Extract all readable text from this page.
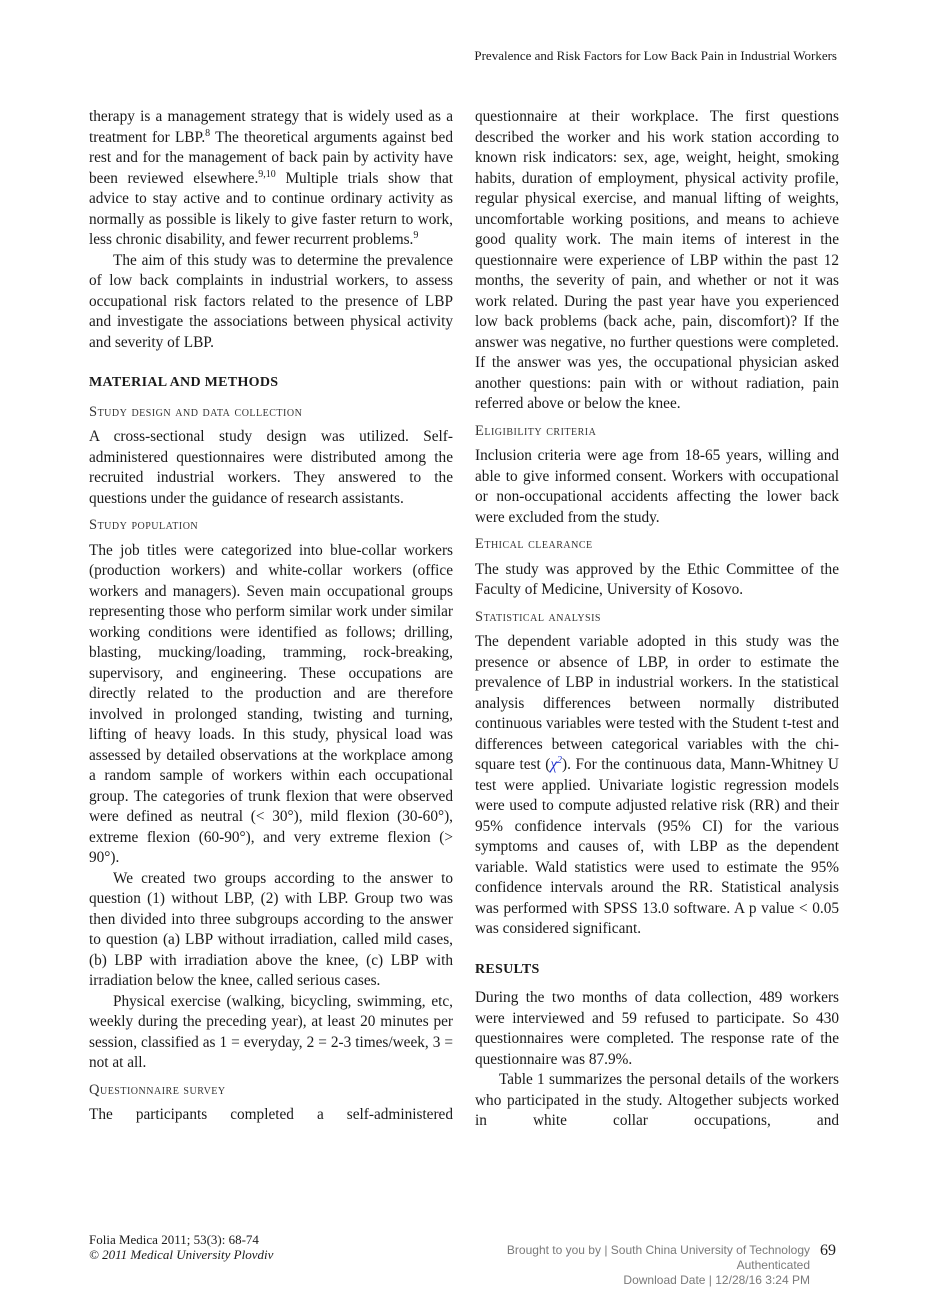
Prevalence and Risk Factors for Low Back Pain in Industrial Workers

therapy is a management strategy that is widely used as a treatment for LBP.$^8$ The theoretical arguments against bed rest and for the management of back pain by activity have been reviewed elsewhere.$^{9,10}$ Multiple trials show that advice to stay active and to continue ordinary activity as normally as possible is likely to give faster return to work, less chronic disability, and fewer recurrent problems.$^9$

The aim of this study was to determine the prevalence of low back complaints in industrial workers, to assess occupational risk factors related to the presence of LBP and investigate the associations between physical activity and severity of LBP.

MATERIAL AND METHODS
Study design and data collection

A cross-sectional study design was utilized. Self-administered questionnaires were distributed among the recruited industrial workers. They answered to the questions under the guidance of research assistants.

Study population

The job titles were categorized into blue-collar workers (production workers) and white-collar workers (office workers and managers). Seven main occupational groups representing those who perform similar work under similar working conditions were identified as follows; drilling, blasting, mucking/loading, tramming, rock-breaking, supervisory, and engineering. These occupations are directly related to the production and are therefore involved in prolonged standing, twisting and turning, lifting of heavy loads. In this study, physical load was assessed by detailed observations at the workplace among a random sample of workers within each occupational group. The categories of trunk flexion that were observed were defined as neutral (< 30°), mild flexion (30-60°), extreme flexion (60-90°), and very extreme flexion (> 90°).

We created two groups according to the answer to question (1) without LBP, (2) with LBP. Group two was then divided into three subgroups according to the answer to question (a) LBP without irradiation, called mild cases, (b) LBP with irradiation above the knee, (c) LBP with irradiation below the knee, called serious cases.

Physical exercise (walking, bicycling, swimming, etc, weekly during the preceding year), at least 20 minutes per session, classified as 1 = everyday, 2 = 2-3 times/week, 3 = not at all.

Questionnaire survey

The participants completed a self-administered

questionnaire at their workplace. The first questions described the worker and his work station according to known risk indicators: sex, age, weight, height, smoking habits, duration of employment, physical activity profile, regular physical exercise, and manual lifting of weights, uncomfortable working positions, and means to achieve good quality work. The main items of interest in the questionnaire were experience of LBP within the past 12 months, the severity of pain, and whether or not it was work related. During the past year have you experienced low back problems (back ache, pain, discomfort)? If the answer was negative, no further questions were completed. If the answer was yes, the occupational physician asked another questions: pain with or without radiation, pain referred above or below the knee.

Eligibility criteria

Inclusion criteria were age from 18-65 years, willing and able to give informed consent. Workers with occupational or non-occupational accidents affecting the lower back were excluded from the study.

Ethical clearance

The study was approved by the Ethic Committee of the Faculty of Medicine, University of Kosovo.

Statistical analysis

The dependent variable adopted in this study was the presence or absence of LBP, in order to estimate the prevalence of LBP in industrial workers. In the statistical analysis differences between normally distributed continuous variables were tested with the Student t-test and differences between categorical variables with the chi-square test $(\chi^2)$. For the continuous data, Mann-Whitney U test were applied. Univariate logistic regression models were used to compute adjusted relative risk (RR) and their 95% confidence intervals (95% CI) for the various symptoms and causes of, with LBP as the dependent variable. Wald statistics were used to estimate the 95% confidence intervals around the RR. Statistical analysis was performed with SPSS 13.0 software. A p value < 0.05 was considered significant.

RESULTS

During the two months of data collection, 489 workers were interviewed and 59 refused to participate. So 430 questionnaires were completed. The response rate of the questionnaire was 87.9%.

Table 1 summarizes the personal details of the workers who participated in the study. Altogether subjects worked in white collar occupations, and

Folia Medica 2011; 53(3): 68-74
© 2011 Medical University Plovdiv	Brought to you by | South China University of Technology
Authenticated
Download Date | 12/28/16 3:24 PM
69
